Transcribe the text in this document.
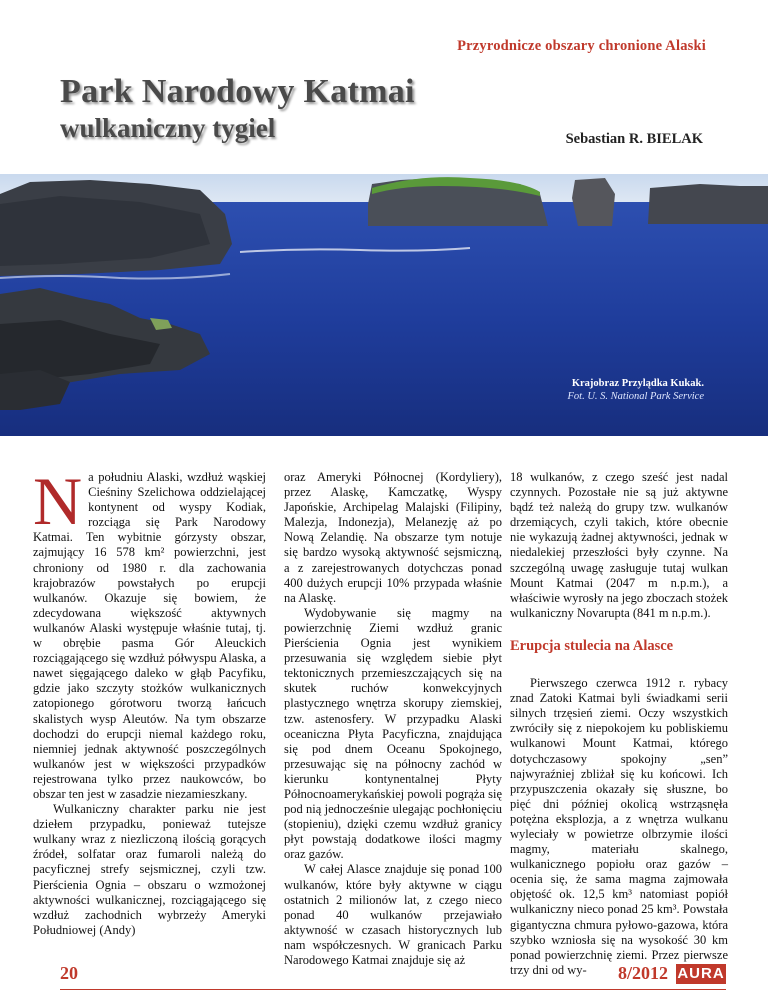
Przyrodnicze obszary chronione Alaski
Park Narodowy Katmai
wulkaniczny tygiel	Sebastian R. BIELAK
Krajobraz Przylądka Kukak.
Fot. U. S. National Park Service

Na południu Alaski, wzdłuż wąskiej Cieśniny Szelichowa oddzielającej kontynent od wyspy Kodiak, rozciąga się Park Narodowy Katmai. Ten wybitnie górzysty obszar, zajmujący 16 578 km² powierzchni, jest chroniony od 1980 r. dla zachowania krajobrazów powstałych po erupcji wulkanów. Okazuje się bowiem, że zdecydowana większość aktywnych wulkanów Alaski występuje właśnie tutaj, tj. w obrębie pasma Gór Aleuckich rozciągającego się wzdłuż półwyspu Alaska, a nawet sięgającego daleko w głąb Pacyfiku, gdzie jako szczyty stożków wulkanicznych zatopionego górotworu tworzą łańcuch skalistych wysp Aleutów. Na tym obszarze dochodzi do erupcji niemal każdego roku, niemniej jednak aktywność poszczególnych wulkanów jest w większości przypadków rejestrowana tylko przez naukowców, bo obszar ten jest w zasadzie niezamieszkany.

Wulkaniczny charakter parku nie jest dziełem przypadku, ponieważ tutejsze wulkany wraz z niezliczoną ilością gorących źródeł, solfatar oraz fumaroli należą do pacyficznej strefy sejsmicznej, czyli tzw. Pierścienia Ognia – obszaru o wzmożonej aktywności wulkanicznej, rozciągającego się wzdłuż zachodnich wybrzeży Ameryki Południowej (Andy)

oraz Ameryki Północnej (Kordyliery), przez Alaskę, Kamczatkę, Wyspy Japońskie, Archipelag Malajski (Filipiny, Malezja, Indonezja), Melanezję aż po Nową Zelandię. Na obszarze tym notuje się bardzo wysoką aktywność sejsmiczną, a z zarejestrowanych dotychczas ponad 400 dużych erupcji 10% przypada właśnie na Alaskę.

Wydobywanie się magmy na powierzchnię Ziemi wzdłuż granic Pierścienia Ognia jest wynikiem przesuwania się względem siebie płyt tektonicznych przemieszczających się na skutek ruchów konwekcyjnych plastycznego wnętrza skorupy ziemskiej, tzw. astenosfery. W przypadku Alaski oceaniczna Płyta Pacyficzna, znajdująca się pod dnem Oceanu Spokojnego, przesuwając się na północny zachód w kierunku kontynentalnej Płyty Północnoamerykańskiej powoli pogrąża się pod nią jednocześnie ulegając pochłonięciu (stopieniu), dzięki czemu wzdłuż granicy płyt powstają dodatkowe ilości magmy oraz gazów.

W całej Alasce znajduje się ponad 100 wulkanów, które były aktywne w ciągu ostatnich 2 milionów lat, z czego nieco ponad 40 wulkanów przejawiało aktywność w czasach historycznych lub nam współczesnych. W granicach Parku Narodowego Katmai znajduje się aż

18 wulkanów, z czego sześć jest nadal czynnych. Pozostałe nie są już aktywne bądź też należą do grupy tzw. wulkanów drzemiących, czyli takich, które obecnie nie wykazują żadnej aktywności, jednak w niedalekiej przeszłości były czynne. Na szczególną uwagę zasługuje tutaj wulkan Mount Katmai (2047 m n.p.m.), a właściwie wyrosły na jego zboczach stożek wulkaniczny Novarupta (841 m n.p.m.).

Erupcja stulecia na Alasce

Pierwszego czerwca 1912 r. rybacy znad Zatoki Katmai byli świadkami serii silnych trzęsień ziemi. Oczy wszystkich zwróciły się z niepokojem ku pobliskiemu wulkanowi Mount Katmai, którego dotychczasowy spokojny „sen” najwyraźniej zbliżał się ku końcowi. Ich przypuszczenia okazały się słuszne, bo pięć dni później okolicą wstrząsnęła potężna eksplozja, a z wnętrza wulkanu wyleciały w powietrze olbrzymie ilości magmy, materiału skalnego, wulkanicznego popiołu oraz gazów – ocenia się, że sama magma zajmowała objętość ok. 12,5 km³ natomiast popiół wulkaniczny nieco ponad 25 km³. Powstała gigantyczna chmura pyłowo-gazowa, która szybko wzniosła się na wysokość 30 km ponad powierzchnię ziemi. Przez pierwsze trzy dni od wy-

20	8/2012 AURA
